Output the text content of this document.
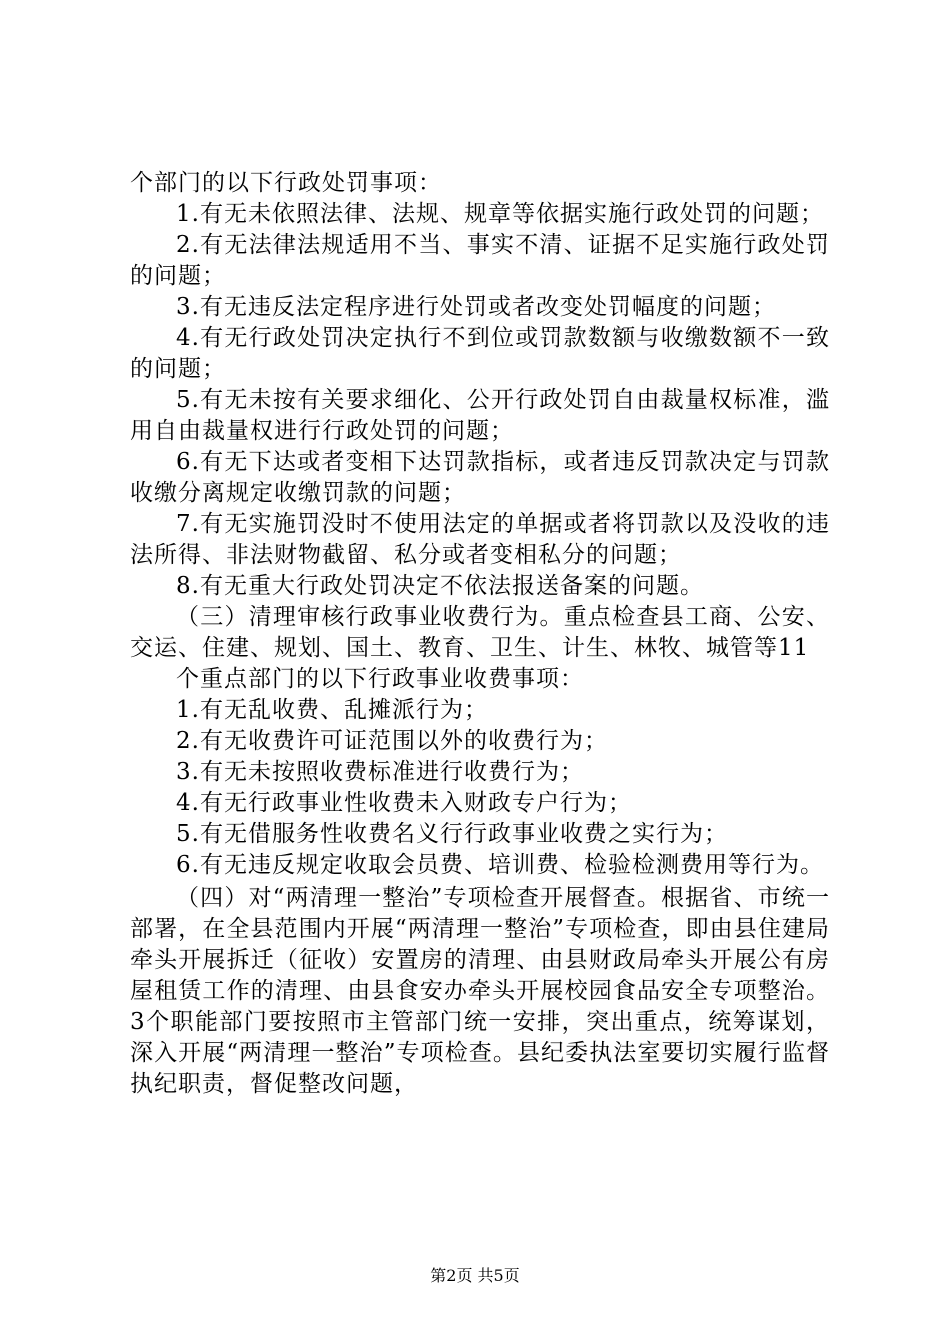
个部门的以下行政处罚事项：

1.有无未依照法律、法规、规章等依据实施行政处罚的问题；

2.有无法律法规适用不当、事实不清、证据不足实施行政处罚的问题；

3.有无违反法定程序进行处罚或者改变处罚幅度的问题；

4.有无行政处罚决定执行不到位或罚款数额与收缴数额不一致的问题；

5.有无未按有关要求细化、公开行政处罚自由裁量权标准，滥用自由裁量权进行行政处罚的问题；

6.有无下达或者变相下达罚款指标，或者违反罚款决定与罚款收缴分离规定收缴罚款的问题；

7.有无实施罚没时不使用法定的单据或者将罚款以及没收的违法所得、非法财物截留、私分或者变相私分的问题；

8.有无重大行政处罚决定不依法报送备案的问题。

（三）清理审核行政事业收费行为。重点检查县工商、公安、交运、住建、规划、国土、教育、卫生、计生、林牧、城管等11

个重点部门的以下行政事业收费事项：

1.有无乱收费、乱摊派行为；

2.有无收费许可证范围以外的收费行为；

3.有无未按照收费标准进行收费行为；

4.有无行政事业性收费未入财政专户行为；

5.有无借服务性收费名义行行政事业收费之实行为；

6.有无违反规定收取会员费、培训费、检验检测费用等行为。

（四）对“两清理一整治”专项检查开展督查。根据省、市统一部署，在全县范围内开展“两清理一整治”专项检查，即由县住建局牵头开展拆迁（征收）安置房的清理、由县财政局牵头开展公有房屋租赁工作的清理、由县食安办牵头开展校园食品安全专项整治。3个职能部门要按照市主管部门统一安排，突出重点，统筹谋划，深入开展“两清理一整治”专项检查。县纪委执法室要切实履行监督执纪职责，督促整改问题，

第2页 共5页
